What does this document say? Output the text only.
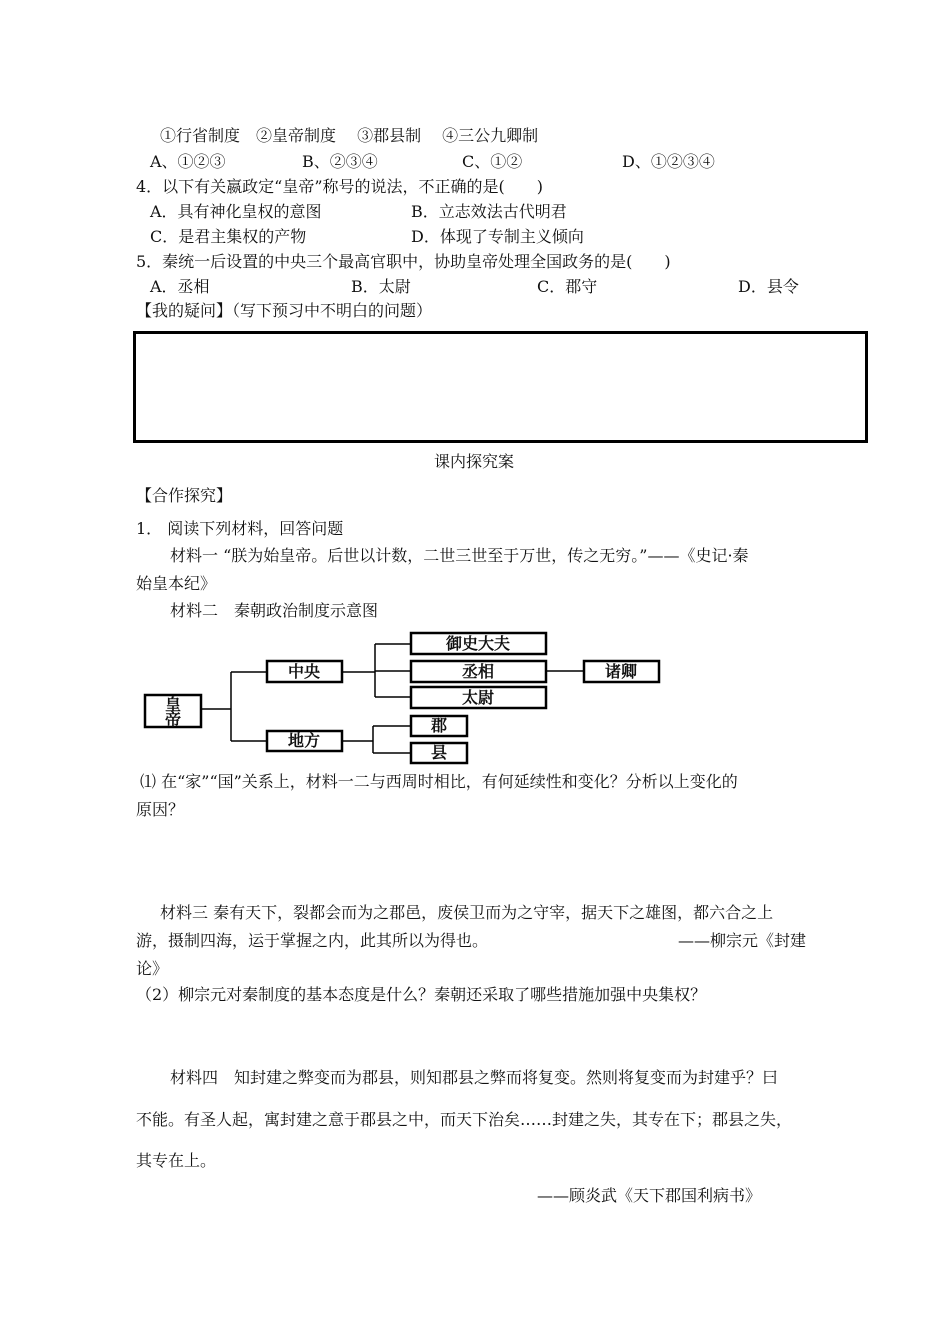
①行省制度　②皇帝制度　 ③郡县制　 ④三公九卿制
A、①②③	B、②③④	C、①②	D、①②③④
4．以下有关嬴政定“皇帝”称号的说法，不正确的是(　　)
A．具有神化皇权的意图	B．立志效法古代明君
C．是君主集权的产物	D．体现了专制主义倾向
5．秦统一后设置的中央三个最高官职中，协助皇帝处理全国政务的是(　　)
A．丞相	B．太尉	C．郡守	D．县令
【我的疑问】（写下预习中不明白的问题）
课内探究案
【合作探究】
1． 阅读下列材料，回答问题
材料一 “朕为始皇帝。后世以计数，二世三世至于万世，传之无穷。”——《史记·秦
始皇本纪》
材料二　秦朝政治制度示意图
皇
帝
中央
地方
御史大夫
丞相
太尉
诸卿
郡
县
⑴ 在“家”“国”关系上，材料一二与西周时相比，有何延续性和变化？分析以上变化的
原因？
材料三 秦有天下，裂都会而为之郡邑，废侯卫而为之守宰，据天下之雄图，都六合之上
游，摄制四海，运于掌握之内，此其所以为得也。	——柳宗元《封建
论》
（2）柳宗元对秦制度的基本态度是什么？秦朝还采取了哪些措施加强中央集权？
材料四　知封建之弊变而为郡县，则知郡县之弊而将复变。然则将复变而为封建乎？曰
不能。有圣人起，寓封建之意于郡县之中，而天下治矣……封建之失，其专在下；郡县之失，
其专在上。
——顾炎武《天下郡国利病书》
